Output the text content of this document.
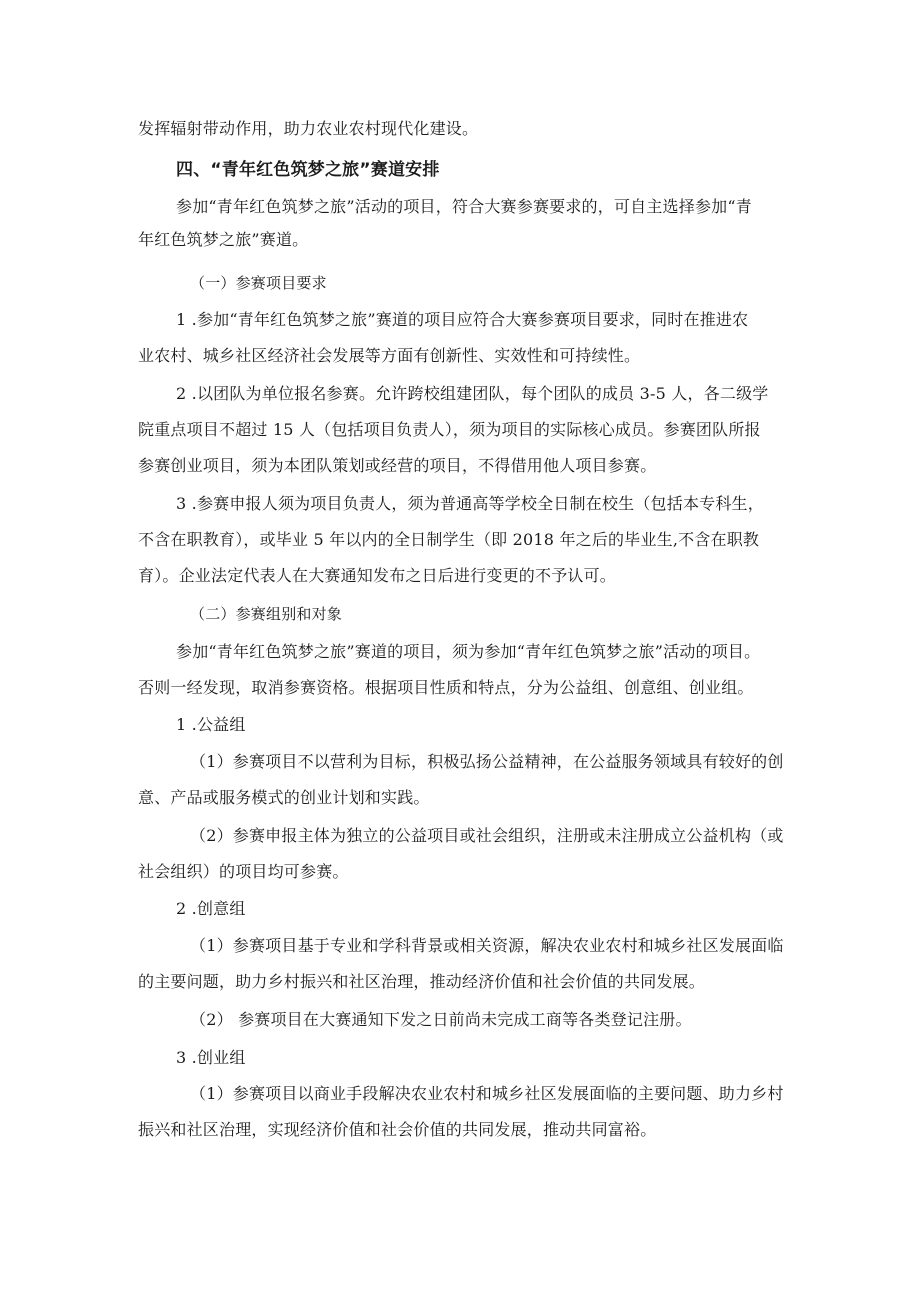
发挥辐射带动作用，助力农业农村现代化建设。
四、“青年红色筑梦之旅”赛道安排
参加“青年红色筑梦之旅”活动的项目，符合大赛参赛要求的，可自主选择参加“青
年红色筑梦之旅”赛道。
（一）参赛项目要求
1 .参加“青年红色筑梦之旅”赛道的项目应符合大赛参赛项目要求，同时在推进农
业农村、城乡社区经济社会发展等方面有创新性、实效性和可持续性。
2 .以团队为单位报名参赛。允许跨校组建团队，每个团队的成员 3-5 人，各二级学
院重点项目不超过 15 人（包括项目负责人），须为项目的实际核心成员。参赛团队所报
参赛创业项目，须为本团队策划或经营的项目，不得借用他人项目参赛。
3 .参赛申报人须为项目负责人，须为普通高等学校全日制在校生（包括本专科生，
不含在职教育），或毕业 5 年以内的全日制学生（即 2018 年之后的毕业生,不含在职教
育）。企业法定代表人在大赛通知发布之日后进行变更的不予认可。
（二）参赛组别和对象
参加“青年红色筑梦之旅”赛道的项目，须为参加“青年红色筑梦之旅”活动的项目。
否则一经发现，取消参赛资格。根据项目性质和特点，分为公益组、创意组、创业组。
1 .公益组
（1）参赛项目不以营利为目标，积极弘扬公益精神，在公益服务领域具有较好的创
意、产品或服务模式的创业计划和实践。
（2）参赛申报主体为独立的公益项目或社会组织，注册或未注册成立公益机构（或
社会组织）的项目均可参赛。
2 .创意组
（1）参赛项目基于专业和学科背景或相关资源，解决农业农村和城乡社区发展面临
的主要问题，助力乡村振兴和社区治理，推动经济价值和社会价值的共同发展。
（2） 参赛项目在大赛通知下发之日前尚未完成工商等各类登记注册。
3 .创业组
（1）参赛项目以商业手段解决农业农村和城乡社区发展面临的主要问题、助力乡村
振兴和社区治理，实现经济价值和社会价值的共同发展，推动共同富裕。
